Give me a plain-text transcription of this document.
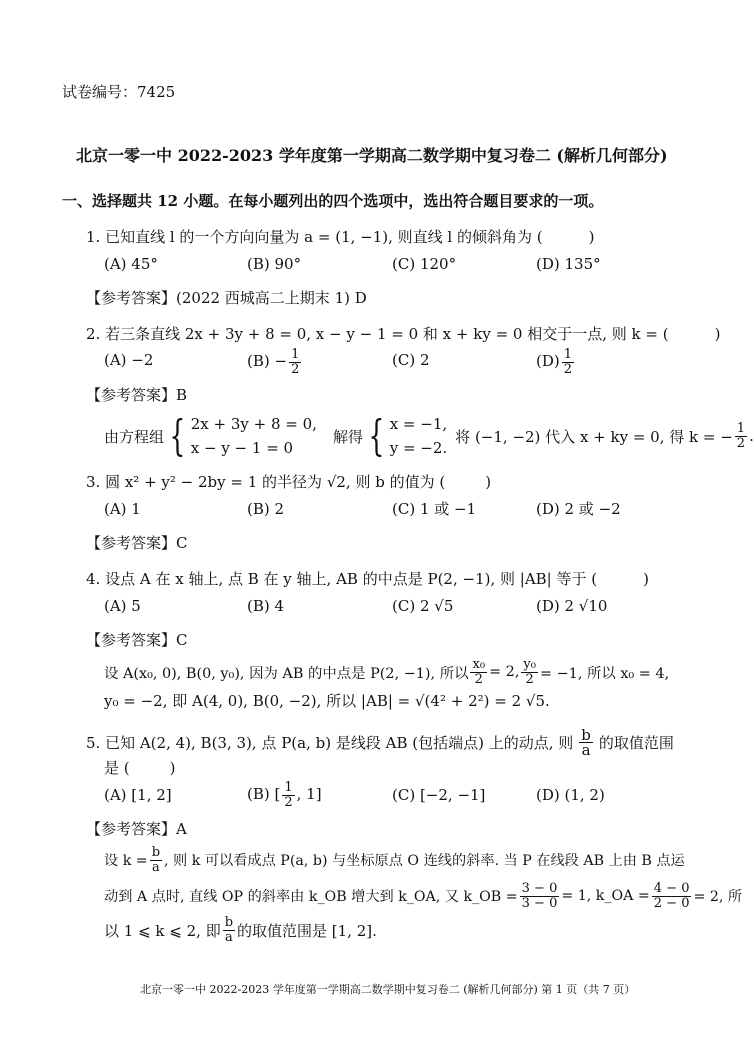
试卷编号：7425
北京一零一中 2022-2023 学年度第一学期高二数学期中复习卷二 (解析几何部分)
一、选择题共 12 小题。在每小题列出的四个选项中，选出符合题目要求的一项。
1. 已知直线 l 的一个方向向量为 a = (1, −1), 则直线 l 的倾斜角为 (	)
(A) 45°	(B) 90°	(C) 120°	(D) 135°
【参考答案】(2022 西城高二上期末 1) D
2. 若三条直线 2x + 3y + 8 = 0, x − y − 1 = 0 和 x + ky = 0 相交于一点, 则 k = (	)
(A) −2	$(B) - \frac{1}{2}$	(C) 2	$(D) \frac{1}{2}$
【参考答案】B
由方程组 { 2x + 3y + 8 = 0,
x − y − 1 = 0
解得 { x = −1,
y = −2.
将 (−1, −2) 代入 x + ky = 0, 得 k = − $\frac{1}{2}$ .
3. 圆 x² + y² − 2by = 1 的半径为 √2, 则 b 的值为 (	)
(A) 1	(B) 2	(C) 1 或 −1	(D) 2 或 −2
【参考答案】C
4. 设点 A 在 x 轴上, 点 B 在 y 轴上, AB 的中点是 P(2, −1), 则 |AB| 等于 (	)
(A) 5	(B) 4	(C) 2 √5	(D) 2 √10
【参考答案】C
设 A(x₀, 0), B(0, y₀), 因为 AB 的中点是 P(2, −1), 所以 $\frac{\text{x₀}}{2} = 2$, $\frac{\text{y₀}}{2} = -1$, 所以 x₀ = 4,
y₀ = −2, 即 A(4, 0), B(0, −2), 所以 |AB| = √(4² + 2²) = 2 √5.
5. 已知 A(2, 4), B(3, 3), 点 P(a, b) 是线段 AB (包括端点) 上的动点, 则 $\frac{b}{a}$ 的取值范围
是 (	)
(A) [1, 2]	(B) [ $\frac{1}{2}$ , 1]	(C) [−2, −1]	(D) (1, 2)
【参考答案】A
设 $k = \frac{b}{a}$ , 则 k 可以看成点 P(a, b) 与坐标原点 O 连线的斜率. 当 P 在线段 AB 上由 B 点运
动到 A 点时, 直线 OP 的斜率由 k_OB 增大到 k_OA, 又 k_OB = $\frac{3 - 0}{3 - 0} = 1$, k_OA = $\frac{4 - 0}{2 - 0} = 2$, 所
以 1 ⩽ k ⩽ 2, 即 $\frac{b}{a}$ 的取值范围是 [1, 2].
北京一零一中 2022-2023 学年度第一学期高二数学期中复习卷二 (解析几何部分) 第 1 页（共 7 页）
